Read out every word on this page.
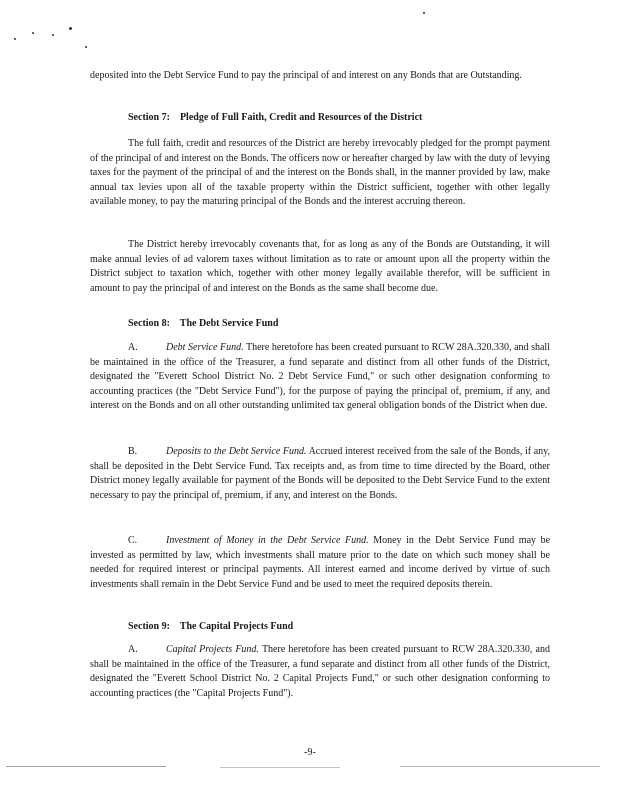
deposited into the Debt Service Fund to pay the principal of and interest on any Bonds that are Outstanding.
Section 7: Pledge of Full Faith, Credit and Resources of the District
The full faith, credit and resources of the District are hereby irrevocably pledged for the prompt payment of the principal of and interest on the Bonds. The officers now or hereafter charged by law with the duty of levying taxes for the payment of the principal of and the interest on the Bonds shall, in the manner provided by law, make annual tax levies upon all of the taxable property within the District sufficient, together with other legally available money, to pay the maturing principal of the Bonds and the interest accruing thereon.
The District hereby irrevocably covenants that, for as long as any of the Bonds are Outstanding, it will make annual levies of ad valorem taxes without limitation as to rate or amount upon all the property within the District subject to taxation which, together with other money legally available therefor, will be sufficient in amount to pay the principal of and interest on the Bonds as the same shall become due.
Section 8: The Debt Service Fund
A.	Debt Service Fund. There heretofore has been created pursuant to RCW 28A.320.330, and shall be maintained in the office of the Treasurer, a fund separate and distinct from all other funds of the District, designated the "Everett School District No. 2 Debt Service Fund," or such other designation conforming to accounting practices (the "Debt Service Fund"), for the purpose of paying the principal of, premium, if any, and interest on the Bonds and on all other outstanding unlimited tax general obligation bonds of the District when due.
B.	Deposits to the Debt Service Fund. Accrued interest received from the sale of the Bonds, if any, shall be deposited in the Debt Service Fund. Tax receipts and, as from time to time directed by the Board, other District money legally available for payment of the Bonds will be deposited to the Debt Service Fund to the extent necessary to pay the principal of, premium, if any, and interest on the Bonds.
C.	Investment of Money in the Debt Service Fund. Money in the Debt Service Fund may be invested as permitted by law, which investments shall mature prior to the date on which such money shall be needed for required interest or principal payments. All interest earned and income derived by virtue of such investments shall remain in the Debt Service Fund and be used to meet the required deposits therein.
Section 9: The Capital Projects Fund
A.	Capital Projects Fund. There heretofore has been created pursuant to RCW 28A.320.330, and shall be maintained in the office of the Treasurer, a fund separate and distinct from all other funds of the District, designated the "Everett School District No. 2 Capital Projects Fund," or such other designation conforming to accounting practices (the "Capital Projects Fund").
-9-
